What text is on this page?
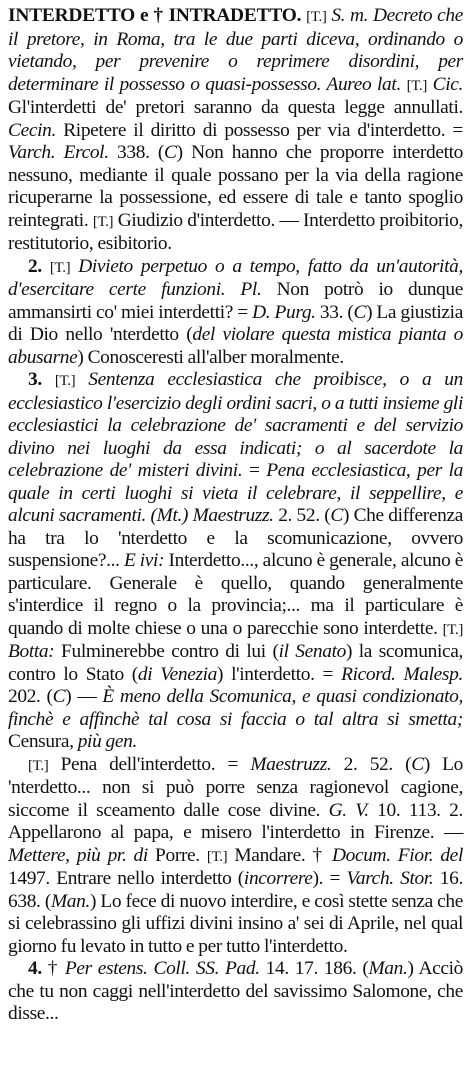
INTERDETTO e † INTRADETTO. [T.] S. m. Decreto che il pretore, in Roma, tra le due parti diceva, ordinando o vietando, per prevenire o reprimere disordini, per determinare il possesso o quasi-possesso. Aureo lat. [T.] Cic. Gl'interdetti de' pretori saranno da questa legge annullati. Cecin. Ripetere il diritto di possesso per via d'interdetto. = Varch. Ercol. 338. (C) Non hanno che proporre interdetto nessuno, mediante il quale possano per la via della ragione ricuperarne la possessione, ed essere di tale e tanto spoglio reintegrati. [T.] Giudizio d'interdetto. — Interdetto proibitorio, restitutorio, esibitorio.

2. [T.] Divieto perpetuo o a tempo, fatto da un'autorità, d'esercitare certe funzioni. Pl. Non potrò io dunque ammansirti co' miei interdetti? = D. Purg. 33. (C) La giustizia di Dio nello 'nterdetto (del violare questa mistica pianta o abusarne) Conosceresti all'alber moralmente.

3. [T.] Sentenza ecclesiastica che proibisce, o a un ecclesiastico l'esercizio degli ordini sacri, o a tutti insieme gli ecclesiastici la celebrazione de' sacramenti e del servizio divino nei luoghi da essa indicati; o al sacerdote la celebrazione de' misteri divini. = Pena ecclesiastica, per la quale in certi luoghi si vieta il celebrare, il seppellire, e alcuni sacramenti. (Mt.) Maestruzz. 2. 52. (C) Che differenza ha tra lo 'nterdetto e la scomunicazione, ovvero suspensione?... E ivi: Interdetto..., alcuno è generale, alcuno è particulare. Generale è quello, quando generalmente s'interdice il regno o la provincia;... ma il particulare è quando di molte chiese o una o parecchie sono interdette. [T.] Botta: Fulminerebbe contro di lui (il Senato) la scomunica, contro lo Stato (di Venezia) l'interdetto. = Ricord. Malesp. 202. (C) — È meno della Scomunica, e quasi condizionato, finchè e affinchè tal cosa si faccia o tal altra si smetta; Censura, più gen.

[T.] Pena dell'interdetto. = Maestruzz. 2. 52. (C) Lo 'nterdetto... non si può porre senza ragionevol cagione, siccome il sceamento dalle cose divine. G. V. 10. 113. 2. Appellarono al papa, e misero l'interdetto in Firenze. — Mettere, più pr. di Porre. [T.] Mandare. † Docum. Fior. del 1497. Entrare nello interdetto (incorrere). = Varch. Stor. 16. 638. (Man.) Lo fece di nuovo interdire, e così stette senza che si celebrassino gli uffizi divini insino a' sei di Aprile, nel qual giorno fu levato in tutto e per tutto l'interdetto.

4. † Per estens. Coll. SS. Pad. 14. 17. 186. (Man.) Acciò che tu non caggi nell'interdetto del savissimo Salomone, che disse...
